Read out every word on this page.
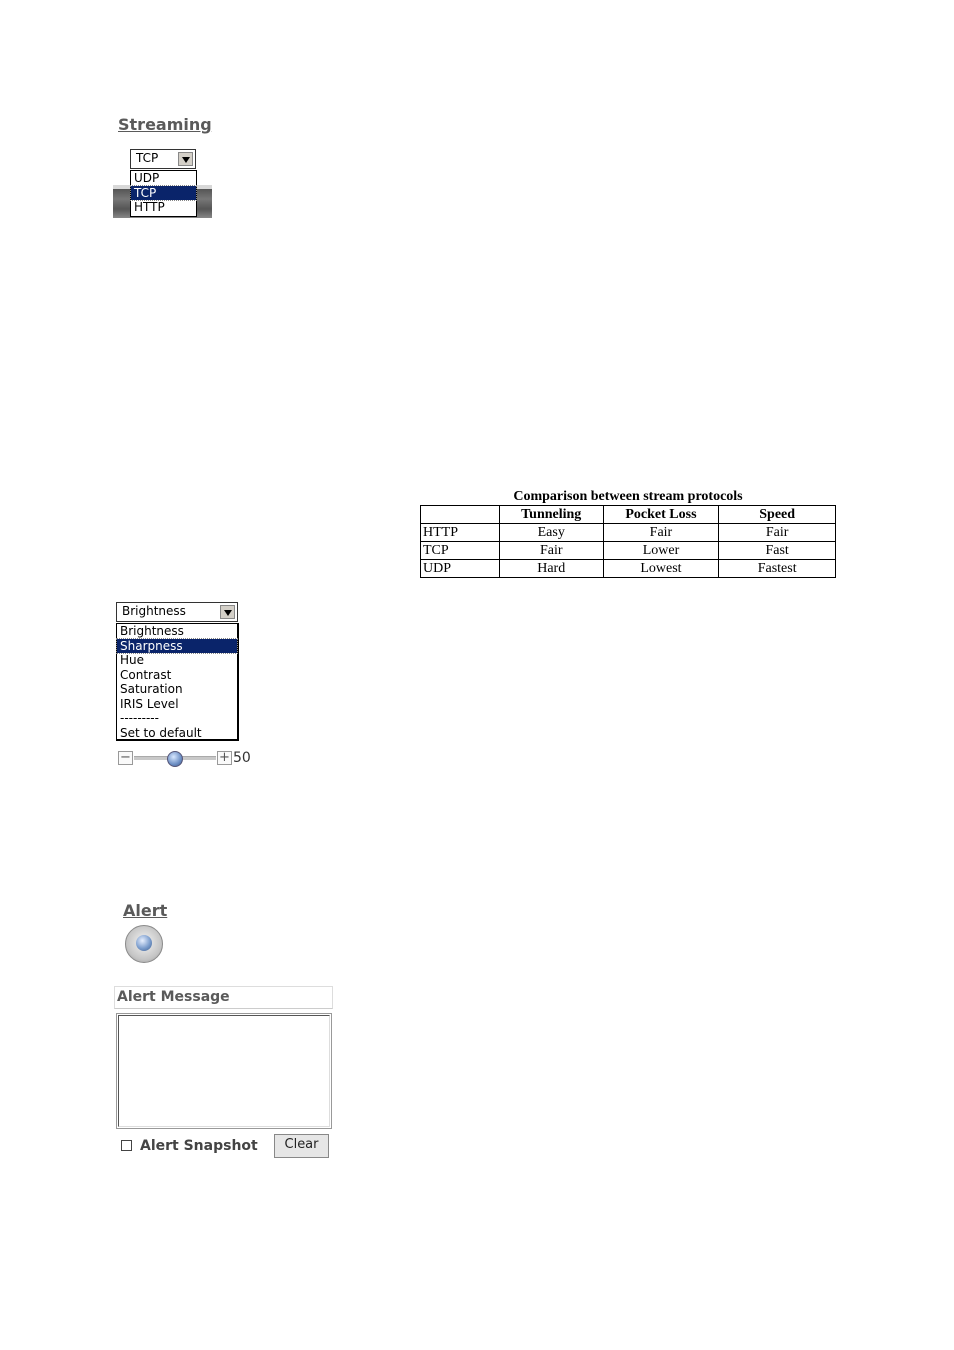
Streaming
TCP
UDP
TCP
HTTP
Comparison between stream protocols
	Tunneling	Pocket Loss	Speed
HTTP	Easy	Fair	Fair
TCP	Fair	Lower	Fast
UDP	Hard	Lowest	Fastest
Brightness
Brightness
Sharpness
Hue
Contrast
Saturation
IRIS Level
---------
Set to default
−	+ 50
Alert
Alert Message
Alert Snapshot	Clear
